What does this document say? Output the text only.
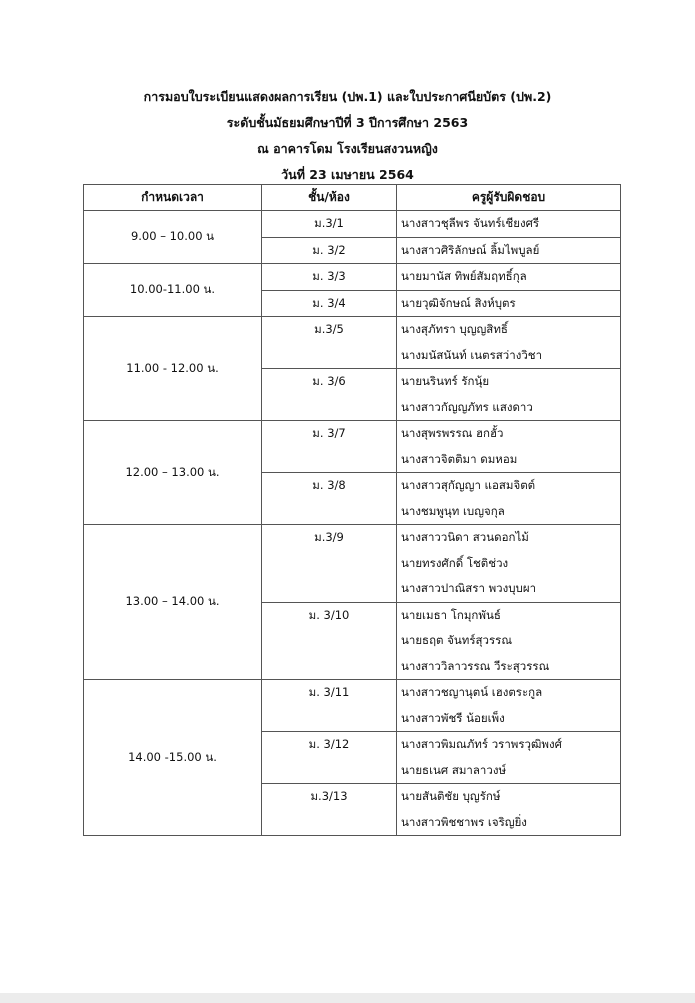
การมอบใบระเบียนแสดงผลการเรียน (ปพ.1) และใบประกาศนียบัตร (ปพ.2)
ระดับชั้นมัธยมศึกษาปีที่ 3 ปีการศึกษา 2563
ณ อาคารโดม โรงเรียนสงวนหญิง
วันที่ 23 เมษายน 2564
กำหนดเวลา	ชั้น/ห้อง	ครูผู้รับผิดชอบ
9.00 – 10.00 น	ม.3/1	นางสาวชุลีพร จันทร์เชียงศรี

	ม. 3/2	นางสาวศิริลักษณ์ ลิ้มไพบูลย์

10.00-11.00 น.	ม. 3/3	นายมานัส ทิพย์สัมฤทธิ์กุล

	ม. 3/4	นายวุฒิจักษณ์ สิงห์บุตร

11.00 - 12.00 น.	ม.3/5	นางสุภัทรา บุญญสิทธิ์
นางมนัสนันท์ เนตรสว่างวิชา

	ม. 3/6	นายนรินทร์ รักนุ้ย
นางสาวกัญญภัทร แสงดาว

12.00 – 13.00 น.	ม. 3/7	นางสุพรพรรณ ฮกฮั้ว
นางสาวจิตติมา ดมหอม

	ม. 3/8	นางสาวสุกัญญา แอสมจิตต์
นางชมพูนุท เบญจกุล

13.00 – 14.00 น.	ม.3/9	นางสาววนิดา สวนดอกไม้
นายทรงศักดิ์ โชติช่วง
นางสาวปาณิสรา พวงบุบผา

	ม. 3/10	นายเมธา โกมุกพันธ์
นายธฤต จันทร์สุวรรณ
นางสาววิลาวรรณ วีระสุวรรณ

14.00 -15.00 น.	ม. 3/11	นางสาวชญานุตน์ เฮงตระกูล
นางสาวพัชรี น้อยเพ็ง

	ม. 3/12	นางสาวพิมณภัทร์ วราพรวุฒิพงศ์
นายธเนศ สมาลาวงษ์

	ม.3/13	นายสันติชัย บุญรักษ์
นางสาวพิชชาพร เจริญยิ่ง
